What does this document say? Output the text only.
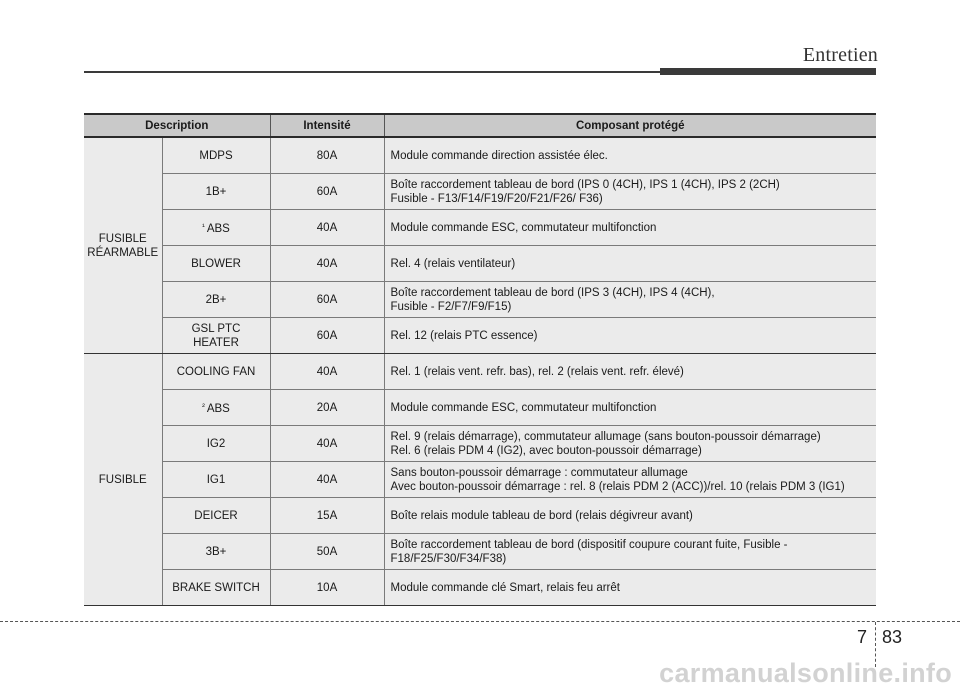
Entretien
Description		Intensité	Composant protégé
FUSIBLE RÉARMABLE	MDPS	80A	Module commande direction assistée élec.
	1B+	60A	Boîte raccordement tableau de bord (IPS 0 (4CH), IPS 1 (4CH), IPS 2 (2CH)
Fusible - F13/F14/F19/F20/F21/F26/ F36)
	$^{^1}$ ABS	40A	Module commande ESC, commutateur multifonction
	BLOWER	40A	Rel. 4 (relais ventilateur)
	2B+	60A	Boîte raccordement tableau de bord (IPS 3 (4CH), IPS 4 (4CH),
Fusible - F2/F7/F9/F15)
	GSL PTC
HEATER	60A	Rel. 12 (relais PTC essence)
FUSIBLE	COOLING FAN	40A	Rel. 1 (relais vent. refr. bas), rel. 2 (relais vent. refr. élevé)
	$^{^2}$ ABS	20A	Module commande ESC, commutateur multifonction
	IG2	40A	Rel. 9 (relais démarrage), commutateur allumage (sans bouton-poussoir démarrage)
Rel. 6 (relais PDM 4 (IG2), avec bouton-poussoir démarrage)
	IG1	40A	Sans bouton-poussoir démarrage : commutateur allumage
Avec bouton-poussoir démarrage : rel. 8 (relais PDM 2 (ACC))/rel. 10 (relais PDM 3 (IG1)
	DEICER	15A	Boîte relais module tableau de bord (relais dégivreur avant)
	3B+	50A	Boîte raccordement tableau de bord (dispositif coupure courant fuite, Fusible -
F18/F25/F30/F34/F38)
	BRAKE SWITCH	10A	Module commande clé Smart, relais feu arrêt
7 83
carmanualsonline.info
